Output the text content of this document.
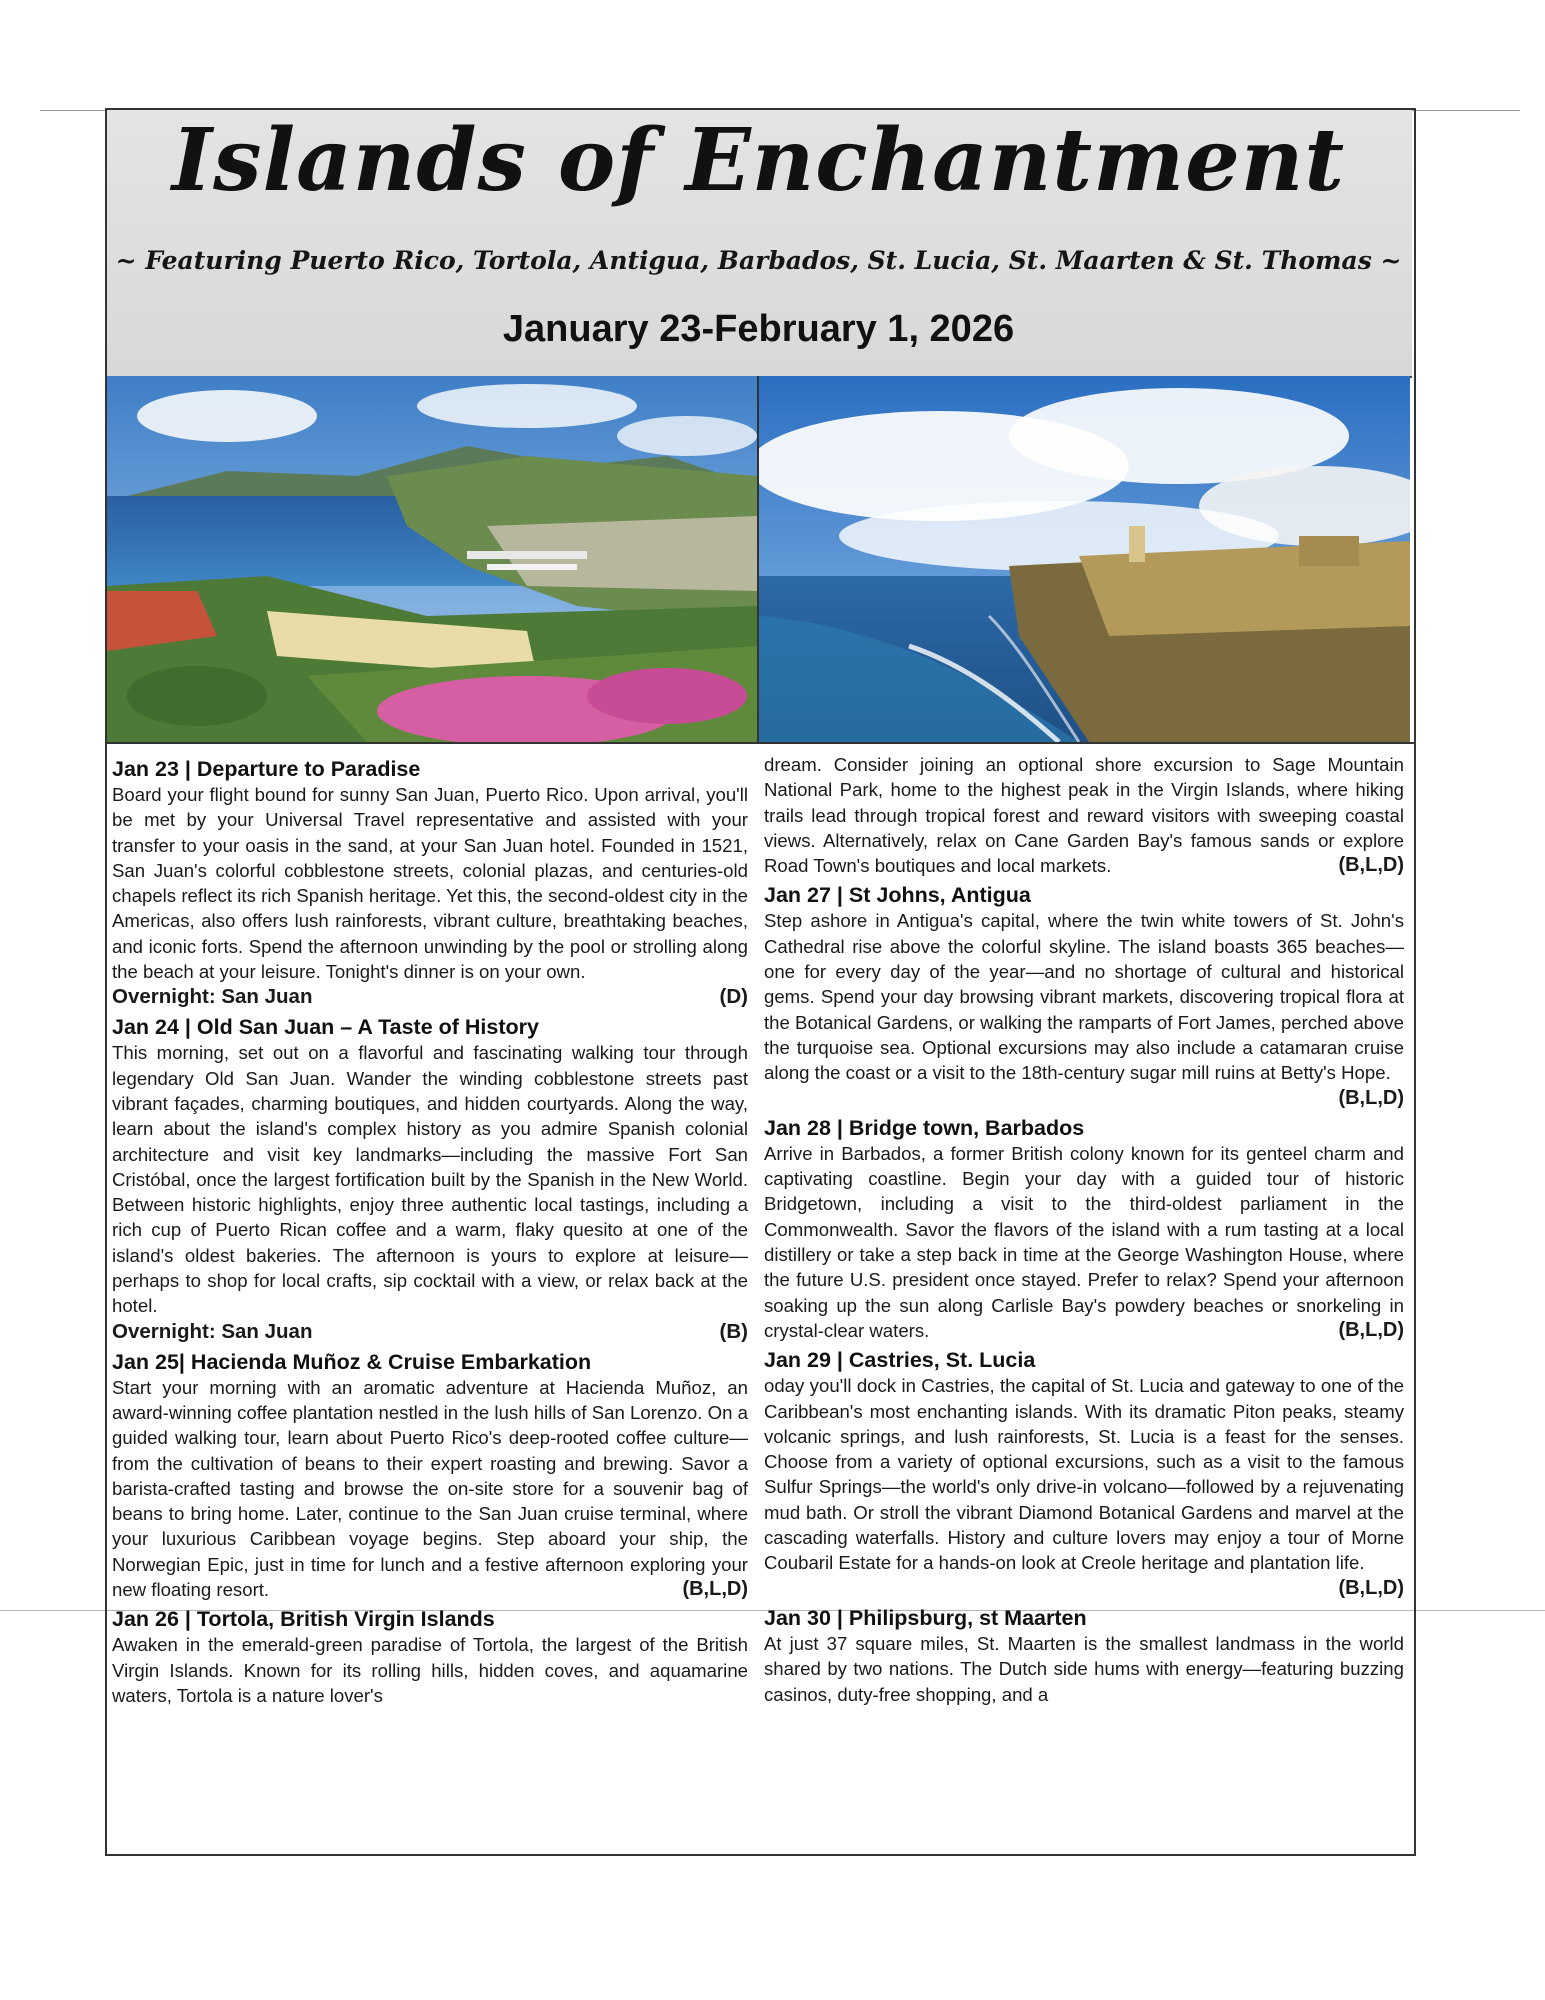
Islands of Enchantment
~ Featuring Puerto Rico, Tortola, Antigua, Barbados, St. Lucia, St. Maarten & St. Thomas ~
January 23-February 1, 2026
Jan 23 | Departure to Paradise

Board your flight bound for sunny San Juan, Puerto Rico. Upon arrival, you'll be met by your Universal Travel representative and assisted with your transfer to your oasis in the sand, at your San Juan hotel. Founded in 1521, San Juan's colorful cobblestone streets, colonial plazas, and centuries-old chapels reflect its rich Spanish heritage. Yet this, the second-oldest city in the Americas, also offers lush rainforests, vibrant culture, breathtaking beaches, and iconic forts. Spend the afternoon unwinding by the pool or strolling along the beach at your leisure. Tonight's dinner is on your own.

Overnight: San Juan	(D)
Jan 24 | Old San Juan – A Taste of History

This morning, set out on a flavorful and fascinating walking tour through legendary Old San Juan. Wander the winding cobblestone streets past vibrant façades, charming boutiques, and hidden courtyards. Along the way, learn about the island's complex history as you admire Spanish colonial architecture and visit key landmarks—including the massive Fort San Cristóbal, once the largest fortification built by the Spanish in the New World. Between historic highlights, enjoy three authentic local tastings, including a rich cup of Puerto Rican coffee and a warm, flaky quesito at one of the island's oldest bakeries. The afternoon is yours to explore at leisure—perhaps to shop for local crafts, sip cocktail with a view, or relax back at the hotel.

Overnight: San Juan	(B)
Jan 25| Hacienda Muñoz & Cruise Embarkation

Start your morning with an aromatic adventure at Hacienda Muñoz, an award-winning coffee plantation nestled in the lush hills of San Lorenzo. On a guided walking tour, learn about Puerto Rico's deep-rooted coffee culture—from the cultivation of beans to their expert roasting and brewing. Savor a barista-crafted tasting and browse the on-site store for a souvenir bag of beans to bring home. Later, continue to the San Juan cruise terminal, where your luxurious Caribbean voyage begins. Step aboard your ship, the Norwegian Epic, just in time for lunch and a festive afternoon exploring your new floating resort.	(B,L,D)

Jan 26 | Tortola, British Virgin Islands

Awaken in the emerald-green paradise of Tortola, the largest of the British Virgin Islands. Known for its rolling hills, hidden coves, and aquamarine waters, Tortola is a nature lover's

dream. Consider joining an optional shore excursion to Sage Mountain National Park, home to the highest peak in the Virgin Islands, where hiking trails lead through tropical forest and reward visitors with sweeping coastal views. Alternatively, relax on Cane Garden Bay's famous sands or explore Road Town's boutiques and local markets.	(B,L,D)

Jan 27 | St Johns, Antigua

Step ashore in Antigua's capital, where the twin white towers of St. John's Cathedral rise above the colorful skyline. The island boasts 365 beaches—one for every day of the year—and no shortage of cultural and historical gems. Spend your day browsing vibrant markets, discovering tropical flora at the Botanical Gardens, or walking the ramparts of Fort James, perched above the turquoise sea. Optional excursions may also include a catamaran cruise along the coast or a visit to the 18th-century sugar mill ruins at Betty's Hope.
(B,L,D)

Jan 28 | Bridge town, Barbados

Arrive in Barbados, a former British colony known for its genteel charm and captivating coastline. Begin your day with a guided tour of historic Bridgetown, including a visit to the third-oldest parliament in the Commonwealth. Savor the flavors of the island with a rum tasting at a local distillery or take a step back in time at the George Washington House, where the future U.S. president once stayed. Prefer to relax? Spend your afternoon soaking up the sun along Carlisle Bay's powdery beaches or snorkeling in crystal-clear waters.	(B,L,D)

Jan 29 | Castries, St. Lucia

oday you'll dock in Castries, the capital of St. Lucia and gateway to one of the Caribbean's most enchanting islands. With its dramatic Piton peaks, steamy volcanic springs, and lush rainforests, St. Lucia is a feast for the senses. Choose from a variety of optional excursions, such as a visit to the famous Sulfur Springs—the world's only drive-in volcano—followed by a rejuvenating mud bath. Or stroll the vibrant Diamond Botanical Gardens and marvel at the cascading waterfalls. History and culture lovers may enjoy a tour of Morne Coubaril Estate for a hands-on look at Creole heritage and plantation life.
(B,L,D)

Jan 30 | Philipsburg, st Maarten

At just 37 square miles, St. Maarten is the smallest landmass in the world shared by two nations. The Dutch side hums with energy—featuring buzzing casinos, duty-free shopping, and a
